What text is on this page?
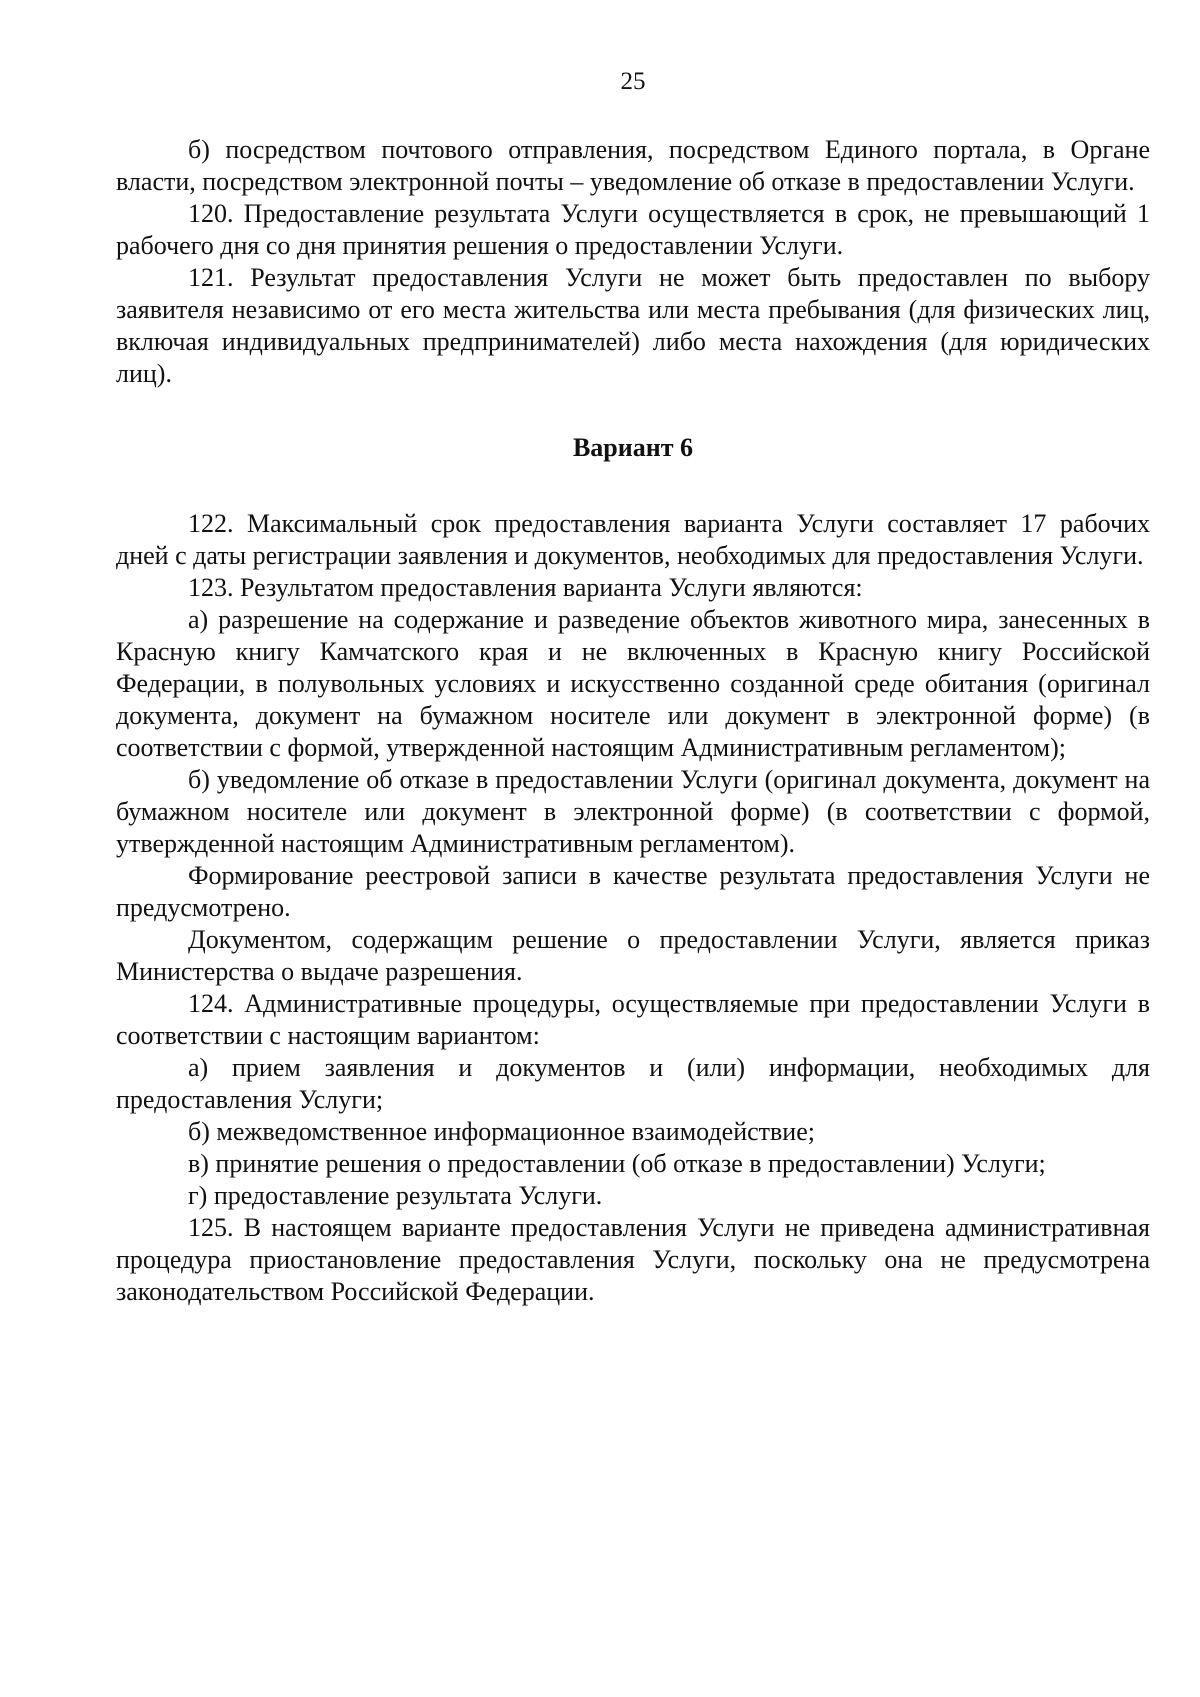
25

б) посредством почтового отправления, посредством Единого портала, в Органе власти, посредством электронной почты – уведомление об отказе в предоставлении Услуги.

120. Предоставление результата Услуги осуществляется в срок, не превышающий 1 рабочего дня со дня принятия решения о предоставлении Услуги.

121. Результат предоставления Услуги не может быть предоставлен по выбору заявителя независимо от его места жительства или места пребывания (для физических лиц, включая индивидуальных предпринимателей) либо места нахождения (для юридических лиц).

Вариант 6

122. Максимальный срок предоставления варианта Услуги составляет 17 рабочих дней с даты регистрации заявления и документов, необходимых для предоставления Услуги.

123. Результатом предоставления варианта Услуги являются:

а) разрешение на содержание и разведение объектов животного мира, занесенных в Красную книгу Камчатского края и не включенных в Красную книгу Российской Федерации, в полувольных условиях и искусственно созданной среде обитания (оригинал документа, документ на бумажном носителе или документ в электронной форме) (в соответствии с формой, утвержденной настоящим Административным регламентом);

б) уведомление об отказе в предоставлении Услуги (оригинал документа, документ на бумажном носителе или документ в электронной форме) (в соответствии с формой, утвержденной настоящим Административным регламентом).

Формирование реестровой записи в качестве результата предоставления Услуги не предусмотрено.

Документом, содержащим решение о предоставлении Услуги, является приказ Министерства о выдаче разрешения.

124. Административные процедуры, осуществляемые при предоставлении Услуги в соответствии с настоящим вариантом:

а) прием заявления и документов и (или) информации, необходимых для предоставления Услуги;

б) межведомственное информационное взаимодействие;

в) принятие решения о предоставлении (об отказе в предоставлении) Услуги;

г) предоставление результата Услуги.

125. В настоящем варианте предоставления Услуги не приведена административная процедура приостановление предоставления Услуги, поскольку она не предусмотрена законодательством Российской Федерации.
